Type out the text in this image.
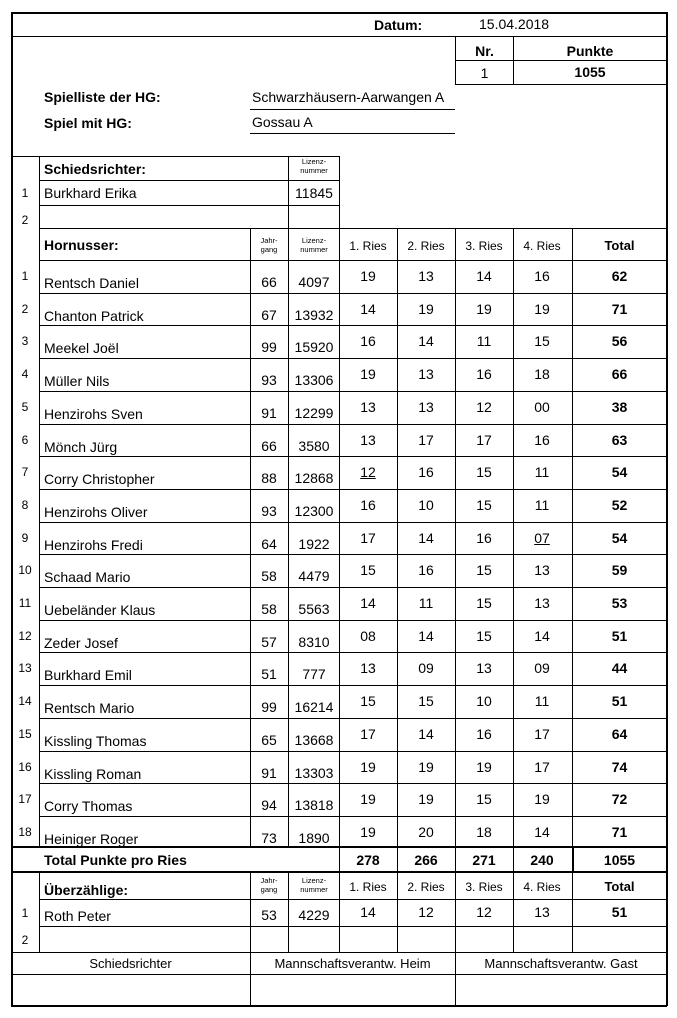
Datum:	15.04.2018
Nr.	Punkte
1	1055
Spielliste der HG:	Schwarzhäusern-Aarwangen A
Spiel mit HG:	Gossau A
Schiedsrichter:	Lizenz-
nummer
1	Burkhard Erika	11845
2
Hornusser:	Jahr-
gang
Lizenz-
nummer	1. Ries	2. Ries	3. Ries	4. Ries	Total
1	Rentsch Daniel	66	4097	19	13	14	16	62
2	Chanton Patrick	67	13932	14	19	19	19	71
3	Meekel Joël	99	15920	16	14	11	15	56
4	Müller Nils	93	13306	19	13	16	18	66
5	Henzirohs Sven	91	12299	13	13	12	00	38
6	Mönch Jürg	66	3580	13	17	17	16	63
7	Corry Christopher	88	12868	12	16	15	11	54
8	Henzirohs Oliver	93	12300	16	10	15	11	52
9	Henzirohs Fredi	64	1922	17	14	16	07	54
10 Schaad Mario	58	4479	15	16	15	13	59
11 Uebeländer Klaus	58	5563	14	11	15	13	53
12 Zeder Josef	57	8310	08	14	15	14	51
13 Burkhard Emil	51	777	13	09	13	09	44
14 Rentsch Mario	99	16214	15	15	10	11	51
15 Kissling Thomas	65	13668	17	14	16	17	64
16 Kissling Roman	91	13303	19	19	19	17	74
17 Corry Thomas	94	13818	19	19	15	19	72
18 Heiniger Roger	73	1890	19	20	18	14	71
Total Punkte pro Ries	278	266	271	240	1055
Überzählige:
Jahr-
gang
Lizenz-
nummer	1. Ries	2. Ries	3. Ries	4. Ries	Total
1	Roth Peter	53	4229	14	12	12	13	51
2
Schiedsrichter	Mannschaftsverantw. Heim	Mannschaftsverantw. Gast
